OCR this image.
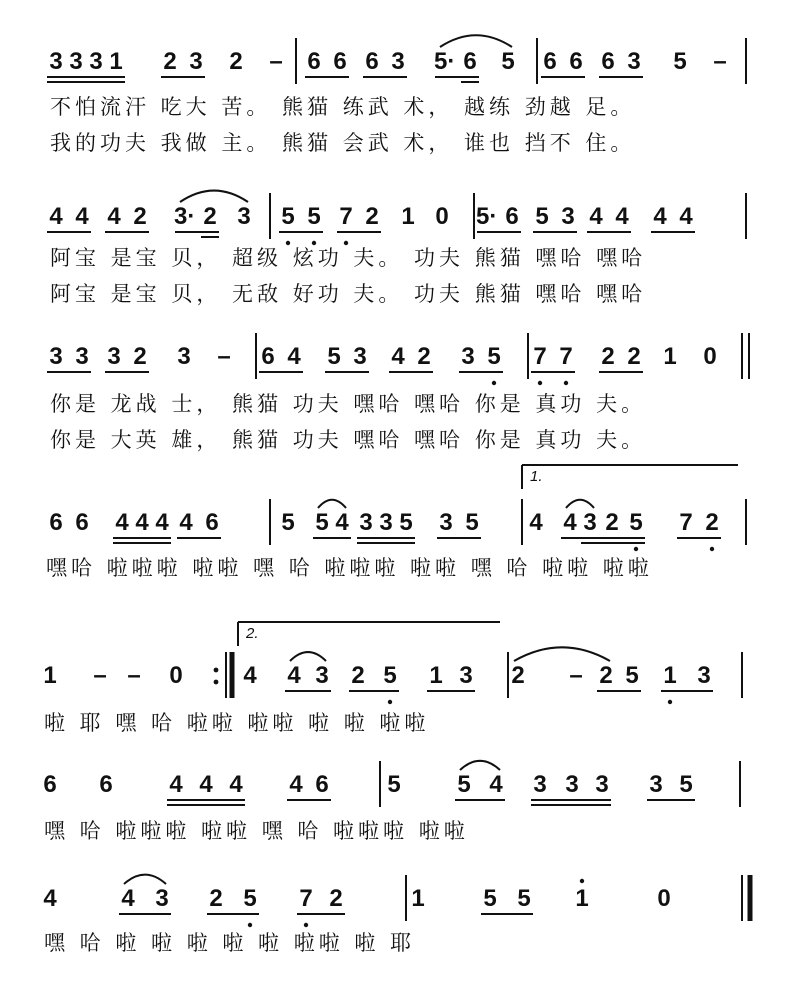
3 3 3 1 2 3 2 – 6 6 6 3 5· 6 5 6 6 6 3 5 –
不怕流汗 吃大 苦。 熊猫 练武 术， 越练 劲越 足。
我的功夫 我做 主。 熊猫 会武 术， 谁也 挡不 住。
4 4 4 2 3· 2 3 5 5 7 2 1 0 5· 6 5 3 4 4 4 4
阿宝 是宝 贝， 超级 炫功 夫。 功夫 熊猫 嘿哈 嘿哈
阿宝 是宝 贝， 无敌 好功 夫。 功夫 熊猫 嘿哈 嘿哈
3 3 3 2 3 – 6 4 5 3 4 2 3 5 7 7 2 2 1 0
你是 龙战 士， 熊猫 功夫 嘿哈 嘿哈 你是 真功 夫。
你是 大英 雄， 熊猫 功夫 嘿哈 嘿哈 你是 真功 夫。
6 6 4 4 4 4 6	5 5 4 3 3 5 3 5 4 4 3 2 5 7 2
嘿哈 啦啦啦 啦啦 嘿 哈 啦啦啦 啦啦 嘿 哈 啦啦 啦啦
1.
1 – – 0	4 4 3 2 5 1 3 2 – 2 5 1 3
啦 耶 嘿 哈 啦啦 啦啦 啦 啦 啦啦
2.
6 6 4 4 4 4 6 5 5 4 3 3 3 3 5
嘿 哈 啦啦啦 啦啦 嘿 哈 啦啦啦 啦啦
4	4 3 2 5 7 2	1 5 5 1	0
嘿 哈 啦 啦 啦 啦 啦 啦啦 啦 耶
